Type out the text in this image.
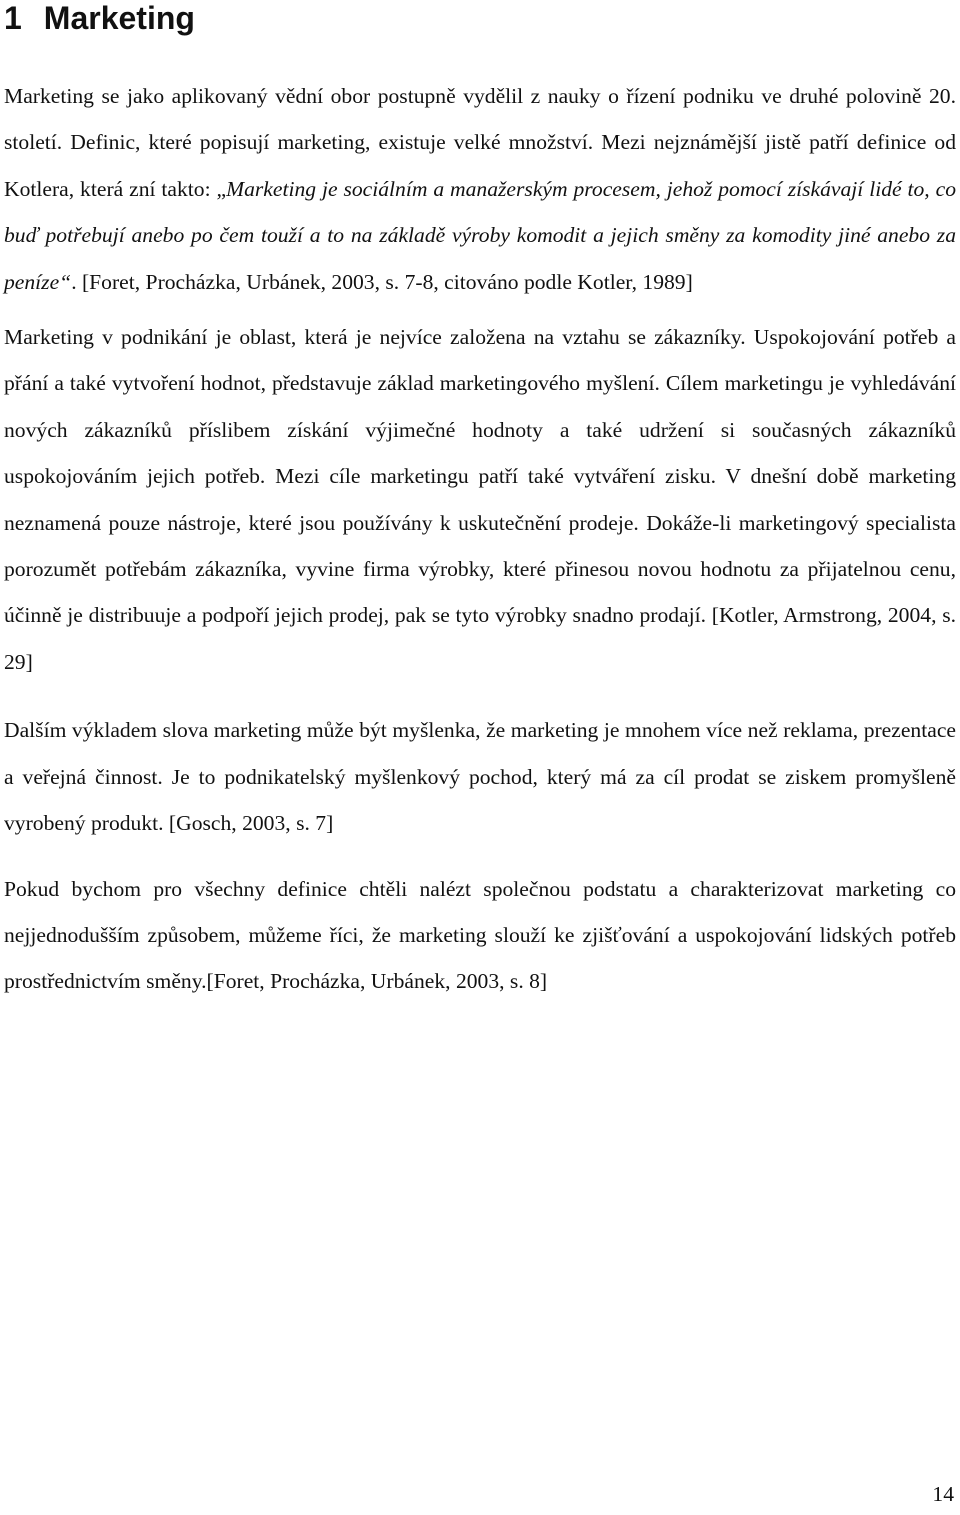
1 Marketing

Marketing se jako aplikovaný vědní obor postupně vydělil z nauky o řízení podniku ve druhé polovině 20. století. Definic, které popisují marketing, existuje velké množství. Mezi nejznámější jistě patří definice od Kotlera, která zní takto: „Marketing je sociálním a manažerským procesem, jehož pomocí získávají lidé to, co buď potřebují anebo po čem touží a to na základě výroby komodit a jejich směny za komodity jiné anebo za peníze“. [Foret, Procházka, Urbánek, 2003, s. 7-8, citováno podle Kotler, 1989]

Marketing v podnikání je oblast, která je nejvíce založena na vztahu se zákazníky. Uspokojování potřeb a přání a také vytvoření hodnot, představuje základ marketingového myšlení. Cílem marketingu je vyhledávání nových zákazníků příslibem získání výjimečné hodnoty a také udržení si současných zákazníků uspokojováním jejich potřeb. Mezi cíle marketingu patří také vytváření zisku. V dnešní době marketing neznamená pouze nástroje, které jsou používány k uskutečnění prodeje. Dokáže-li marketingový specialista porozumět potřebám zákazníka, vyvine firma výrobky, které přinesou novou hodnotu za přijatelnou cenu, účinně je distribuuje a podpoří jejich prodej, pak se tyto výrobky snadno prodají. [Kotler, Armstrong, 2004, s. 29]

Dalším výkladem slova marketing může být myšlenka, že marketing je mnohem více než reklama, prezentace a veřejná činnost. Je to podnikatelský myšlenkový pochod, který má za cíl prodat se ziskem promyšleně vyrobený produkt. [Gosch, 2003, s. 7]

Pokud bychom pro všechny definice chtěli nalézt společnou podstatu a charakterizovat marketing co nejjednodušším způsobem, můžeme říci, že marketing slouží ke zjišťování a uspokojování lidských potřeb prostřednictvím směny.[Foret, Procházka, Urbánek, 2003, s. 8]

14
